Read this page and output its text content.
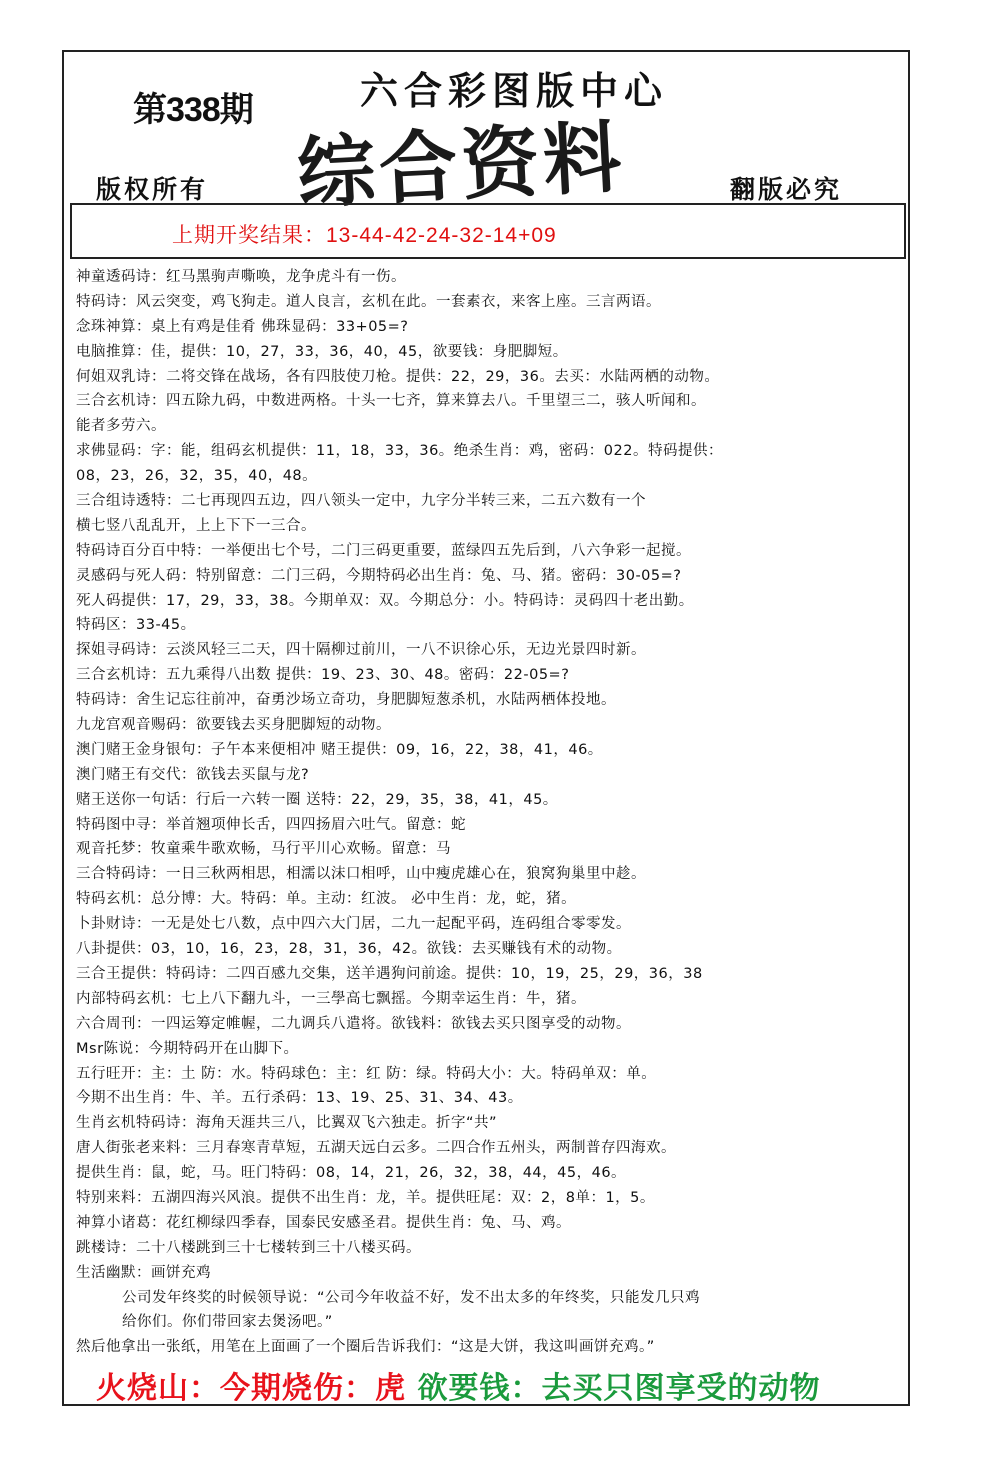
第338期	六合彩图版中心
综合资料
版权所有	翻版必究
上期开奖结果：13-44-42-24-32-14+09
神童透码诗：红马黑驹声嘶唤，龙争虎斗有一伤。
特码诗：风云突变，鸡飞狗走。道人良言，玄机在此。一套素衣，来客上座。三言两语。
念珠神算：桌上有鸡是佳肴 佛珠显码：33+05=?
电脑推算：佳，提供：10，27，33，36，40，45，欲要钱：身肥脚短。
何姐双乳诗：二将交锋在战场，各有四肢使刀枪。提供：22，29，36。去买：水陆两栖的动物。
三合玄机诗：四五除九码，中数进两格。十头一七齐，算来算去八。千里望三二，骇人听闻和。
能者多劳六。
求佛显码：字：能，组码玄机提供：11，18，33，36。绝杀生肖：鸡，密码：022。特码提供：
08，23，26，32，35，40，48。
三合组诗透特：二七再现四五边，四八领头一定中，九字分半转三来，二五六数有一个
横七竖八乱乱开，上上下下一三合。
特码诗百分百中特：一举便出七个号，二门三码更重要，蓝绿四五先后到，八六争彩一起搅。
灵感码与死人码：特别留意：二门三码，今期特码必出生肖：兔、马、猪。密码：30-05=?
死人码提供：17，29，33，38。今期单双：双。今期总分：小。特码诗：灵码四十老出勤。
特码区：33-45。
探姐寻码诗：云淡风轻三二天，四十隔柳过前川，一八不识徐心乐，无边光景四时新。
三合玄机诗：五九乘得八出数 提供：19、23、30、48。密码：22-05=?
特码诗：舍生记忘往前冲，奋勇沙场立奇功，身肥脚短葱杀机，水陆两栖体投地。
九龙宫观音赐码：欲要钱去买身肥脚短的动物。
澳门赌王金身银句：子午本来便相冲 赌王提供：09，16，22，38，41，46。
澳门赌王有交代：欲钱去买鼠与龙?
赌王送你一句话：行后一六转一圈 送特：22，29，35，38，41，45。
特码图中寻：举首翘项伸长舌，四四扬眉六吐气。留意：蛇
观音托梦：牧童乘牛歌欢畅，马行平川心欢畅。留意：马
三合特码诗：一日三秋两相思，相濡以沫口相呼，山中瘦虎雄心在，狼窝狗巢里中趁。
特码玄机：总分博：大。特码：单。主动：红波。 必中生肖：龙，蛇，猪。
卜卦财诗：一无是处七八数，点中四六大门居，二九一起配平码，连码组合零零发。
八卦提供：03，10，16，23，28，31，36，42。欲钱：去买赚钱有术的动物。
三合王提供：特码诗：二四百感九交集，送羊遇狗问前途。提供：10，19，25，29，36，38
内部特码玄机：七上八下翻九斗，一三學高七飘摇。今期幸运生肖：牛，猪。
六合周刊：一四运筹定帷幄，二九调兵八遣将。欲钱料：欲钱去买只图享受的动物。
Msr陈说：今期特码开在山脚下。
五行旺开：主：土 防：水。特码球色：主：红 防：绿。特码大小：大。特码单双：单。
今期不出生肖：牛、羊。五行杀码：13、19、25、31、34、43。
生肖玄机特码诗：海角天涯共三八，比翼双飞六独走。折字“共”
唐人街张老来料：三月春寒青草短，五湖天远白云多。二四合作五州头，两制普存四海欢。
提供生肖：鼠，蛇，马。旺门特码：08，14，21，26，32，38，44，45，46。
特别来料：五湖四海兴风浪。提供不出生肖：龙，羊。提供旺尾：双：2，8单：1，5。
神算小诸葛：花红柳绿四季春，国泰民安感圣君。提供生肖：兔、马、鸡。
跳楼诗：二十八楼跳到三十七楼转到三十八楼买码。
生活幽默：画饼充鸡
公司发年终奖的时候领导说：“公司今年收益不好，发不出太多的年终奖，只能发几只鸡
给你们。你们带回家去煲汤吧。”
然后他拿出一张纸，用笔在上面画了一个圈后告诉我们：“这是大饼，我这叫画饼充鸡。”
火烧山：今期烧伤：虎 欲要钱：去买只图享受的动物
